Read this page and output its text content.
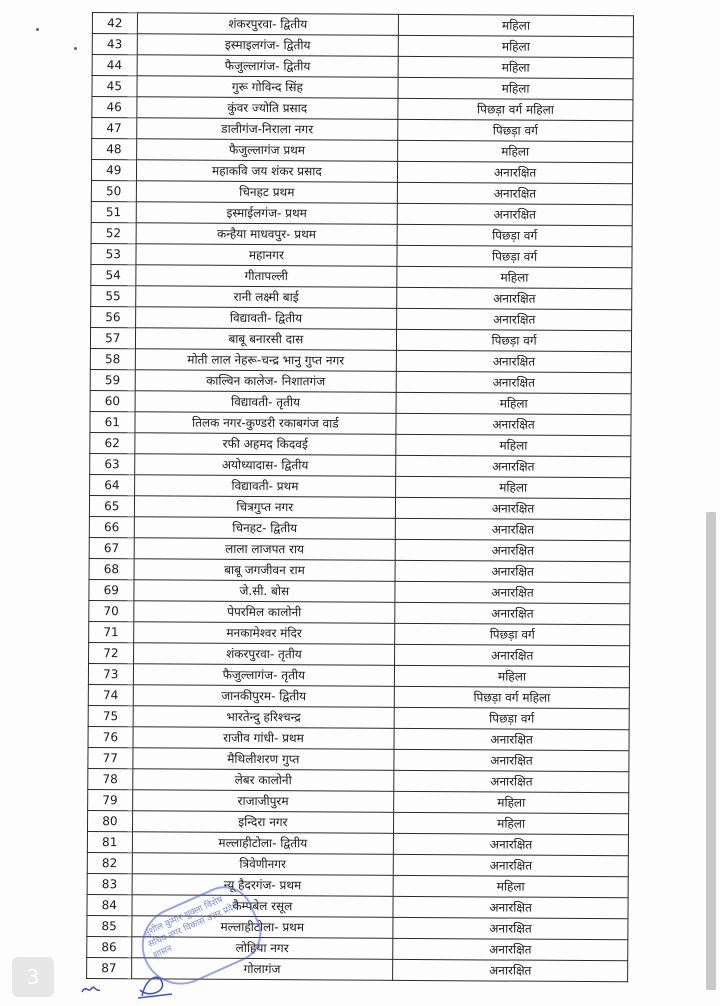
42	शंकरपुरवा- द्वितीय	महिला
43	इस्माइलगंज- द्वितीय	महिला
44	फैजुल्लागंज- द्वितीय	महिला
45	गुरू गोविन्द सिंह	महिला
46	कुंवर ज्योति प्रसाद	पिछड़ा वर्ग महिला
47	डालीगंज-निराला नगर	पिछड़ा वर्ग
48	फैजुल्लागंज प्रथम	महिला
49	महाकवि जय शंकर प्रसाद	अनारक्षित
50	चिनहट प्रथम	अनारक्षित
51	इस्माईलगंज- प्रथम	अनारक्षित
52	कन्हैया माधवपुर- प्रथम	पिछड़ा वर्ग
53	महानगर	पिछड़ा वर्ग
54	गीतापल्ली	महिला
55	रानी लक्ष्मी बाई	अनारक्षित
56	विद्यावती- द्वितीय	अनारक्षित
57	बाबू बनारसी दास	पिछड़ा वर्ग
58	मोती लाल नेहरू-चन्द्र भानु गुप्त नगर	अनारक्षित
59	काल्विन कालेज- निशातगंज	अनारक्षित
60	विद्यावती- तृतीय	महिला
61	तिलक नगर-कुण्डरी रकाबगंज वार्ड	अनारक्षित
62	रफी अहमद किदवई	महिला
63	अयोध्यादास- द्वितीय	अनारक्षित
64	विद्यावती- प्रथम	महिला
65	चित्रगुप्त नगर	अनारक्षित
66	चिनहट- द्वितीय	अनारक्षित
67	लाला लाजपत राय	अनारक्षित
68	बाबू जगजीवन राम	अनारक्षित
69	जे.सी. बोस	अनारक्षित
70	पेपरमिल कालोनी	अनारक्षित
71	मनकामेश्वर मंदिर	पिछड़ा वर्ग
72	शंकरपुरवा- तृतीय	अनारक्षित
73	फैजुल्लागंज- तृतीय	महिला
74	जानकीपुरम- द्वितीय	पिछड़ा वर्ग महिला
75	भारतेन्दु हरिश्चन्द्र	पिछड़ा वर्ग
76	राजीव गांधी- प्रथम	अनारक्षित
77	मैथिलीशरण गुप्त	अनारक्षित
78	लेबर कालोनी	अनारक्षित
79	राजाजीपुरम	महिला
80	इन्दिरा नगर	महिला
81	मल्लाहीटोला- द्वितीय	अनारक्षित
82	त्रिवेणीनगर	अनारक्षित
83	न्यू हैदरगंज- प्रथम	महिला
84	कैम्पबेल रसूल	अनारक्षित
85	मल्लाहीटोला- प्रथम	अनारक्षित
86	लोहिया नगर	अनारक्षित
87	गोलागंज	अनारक्षित
सुशील कुमार शुक्ला विशेष सचिव नगर विकास उत्तर प्रदेश शासन
3
